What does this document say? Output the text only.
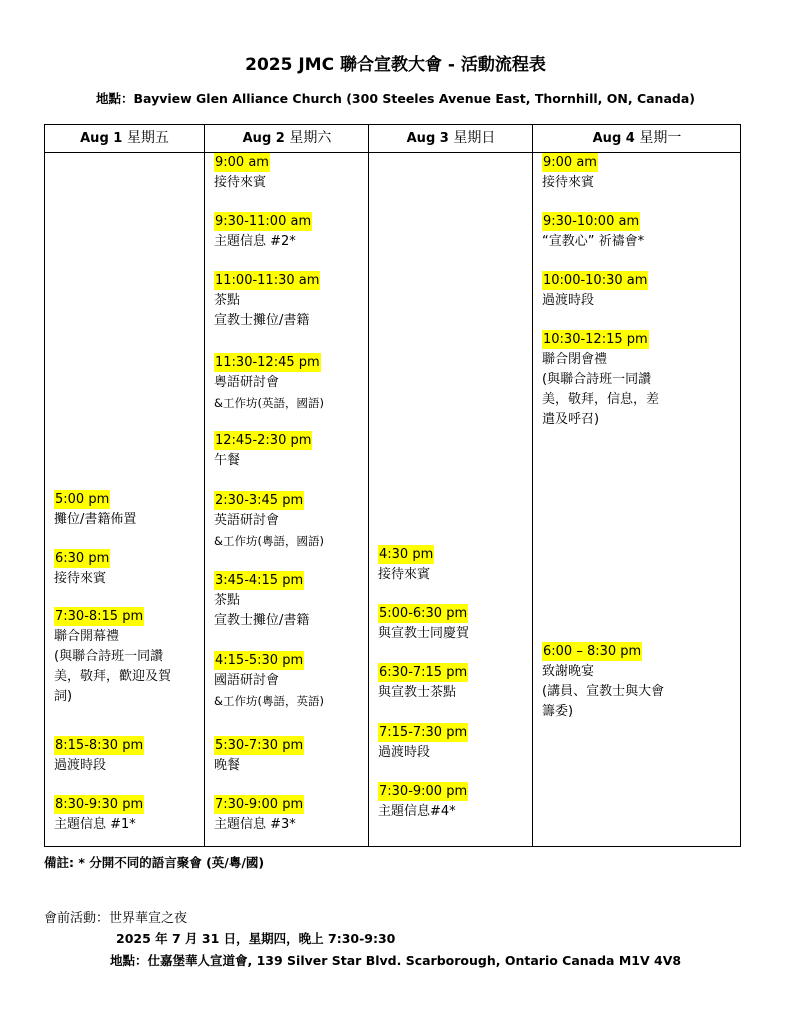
2025 JMC 聯合宣教大會 - 活動流程表
地點：Bayview Glen Alliance Church (300 Steeles Avenue East, Thornhill, ON, Canada)
Aug 1 星期五
5:00 pm
攤位/書籍佈置
6:30 pm
接待來賓
7:30-8:15 pm
聯合開幕禮
(與聯合詩班一同讚
美，敬拜，歡迎及賀
詞)
8:15-8:30 pm
過渡時段
8:30-9:30 pm
主題信息 #1*
Aug 2 星期六
9:00 am
接待來賓
9:30-11:00 am
主題信息 #2*
11:00-11:30 am
茶點
宣教士攤位/書籍
11:30-12:45 pm
粵語研討會
&工作坊(英語，國語)
12:45-2:30 pm
午餐
2:30-3:45 pm
英語研討會
&工作坊(粵語，國語)
3:45-4:15 pm
茶點
宣教士攤位/書籍
4:15-5:30 pm
國語研討會
&工作坊(粵語，英語)
5:30-7:30 pm
晚餐
7:30-9:00 pm
主題信息 #3*
Aug 3 星期日
4:30 pm
接待來賓
5:00-6:30 pm
與宣教士同慶賀
6:30-7:15 pm
與宣教士茶點
7:15-7:30 pm
過渡時段
7:30-9:00 pm
主題信息#4*
Aug 4 星期一
9:00 am
接待來賓
9:30-10:00 am
“宣教心” 祈禱會*
10:00-10:30 am
過渡時段
10:30-12:15 pm
聯合閉會禮
(與聯合詩班一同讚
美，敬拜，信息，差
遣及呼召)
6:00 – 8:30 pm
致謝晚宴
(講員、宣教士與大會
籌委)
備註: * 分開不同的語言聚會 (英/粵/國)
會前活動：世界華宣之夜
2025 年 7 月 31 日，星期四，晚上 7:30-9:30
地點：仕嘉堡華人宣道會, 139 Silver Star Blvd. Scarborough, Ontario Canada M1V 4V8
